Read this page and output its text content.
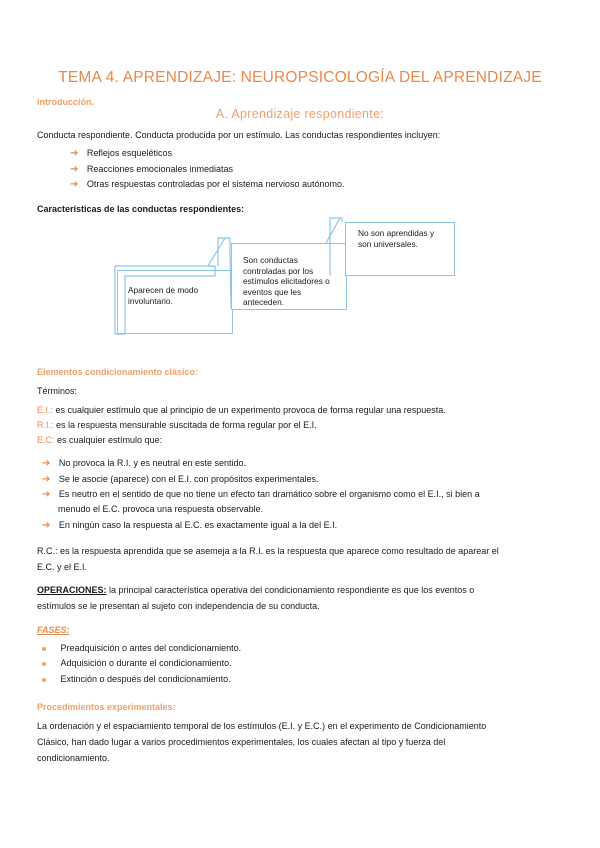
TEMA 4. APRENDIZAJE: NEUROPSICOLOGÍA DEL APRENDIZAJE
Introducción.
A. Aprendizaje respondiente:
Conducta respondiente. Conducta producida por un estímulo. Las conductas respondientes incluyen:
➔ Reflejos esqueléticos
➔ Reacciones emocionales inmediatas
➔ Otras respuestas controladas por el sistema nervioso autónomo.
Características de las conductas respondientes:
Aparecen de modo involuntario.
Son conductas controladas por los estímulos elicitadores o eventos que les anteceden.
No son aprendidas y son universales.
Elementos condicionamiento clásico:
Términos:
E.I.: es cualquier estímulo que al principio de un experimento provoca de forma regular una respuesta.
R.I.: es la respuesta mensurable suscitada de forma regular por el E.I.
E.C: es cualquier estímulo que:
➔ No provoca la R.I. y es neutral en este sentido.
➔ Se le asocie (aparece) con el E.I. con propósitos experimentales.
➔ Es neutro en el sentido de que no tiene un efecto tan dramático sobre el organismo como el E.I., si bien a
menudo el E.C. provoca una respuesta observable.
➔ En ningún caso la respuesta al E.C. es exactamente igual a la del E.I.
R.C.: es la respuesta aprendida que se asemeja a la R.I. es la respuesta que aparece como resultado de aparear el
E.C. y el E.I.
OPERACIONES: la principal característica operativa del condicionamiento respondiente es que los eventos o
estímulos se le presentan al sujeto con independencia de su conducta.
FASES:
Preadquisición o antes del condicionamiento.
Adquisición o durante el condicionamiento.
Extinción o después del condicionamiento.
Procedimientos experimentales:
La ordenación y el espaciamiento temporal de los estímulos (E.I. y E.C.) en el experimento de Condicionamiento
Clásico, han dado lugar a varios procedimientos experimentales, los cuales afectan al tipo y fuerza del
condicionamiento.
